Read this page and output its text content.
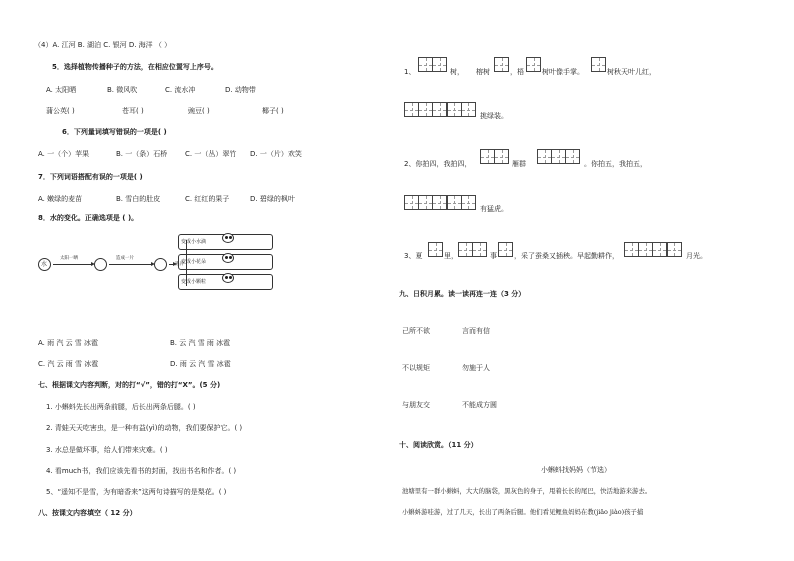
（4）A. 江河 B. 湖泊 C. 银河 D. 海洋 （ ）
5．选择植物传播种子的方法，在相应位置写上序号。
A. 太阳晒	B. 微风吹	C. 流水冲	D. 动物带
蒲公英( )	苍耳( )	豌豆( )	椰子( )
6．下列量词填写错误的一项是( )
A. 一（个）苹果	B. 一（条）石桥	C. 一（丛）翠竹 D. 一（片）欢笑
7．下列词语搭配有误的一项是( )
A. 嫩绿的麦苗	B. 雪白的肚皮	C. 红红的果子	D. 碧绿的枫叶
8．水的变化。正确选项是 ( )。
水
太阳一晒	造成一片
遇冷
变成小水滴
变成小花朵
变成小颗粒
A. 雨 汽 云 雪 冰雹	B. 云 汽 雪 雨 冰雹
C. 汽 云 雨 雪 冰雹	D. 雨 云 汽 雪 冰雹
七、根据课文内容判断，对的打“√”，错的打“X”。(5 分)
1. 小蝌蚪先长出两条前腿，后长出两条后腿。( )
2. 青蛙天天吃害虫，是一种有益(yì)的动物，我们要保护它。( )
3. 水总是做坏事，给人们带来灾难。( )
4. 看much书，我们应该先看书的封面，找出书名和作者。( )
5、“遥知不是雪，为有暗香来”这两句诗描写的是梨花。( )
八、按课文内容填空（ 12 分）
1、	树， 榕树	，梧	树叶像手掌。	树秋天叶儿红，
挑绿装。
2、你拍四，我拍四，	雁群	。你拍五，我拍五，
有猛虎。
3、夏	里，	事 ，采了蚕桑又插秧。早起勤耕作，	月光。
九、日积月累。读一读再连一连（3 分）
己所不欲	言而有信
不以规矩	勿施于人
与朋友交	不能成方圆
十、阅读欣赏。（11 分）
小蝌蚪找妈妈（节选）
池塘里有一群小蝌蚪，大大的脑袋，黑灰色的身子，甩着长长的尾巴，快活地游来游去。
小蝌蚪游哇游，过了几天，长出了两条后腿。他们看见鲤鱼妈妈在教(jiāo jiào)孩子捕
